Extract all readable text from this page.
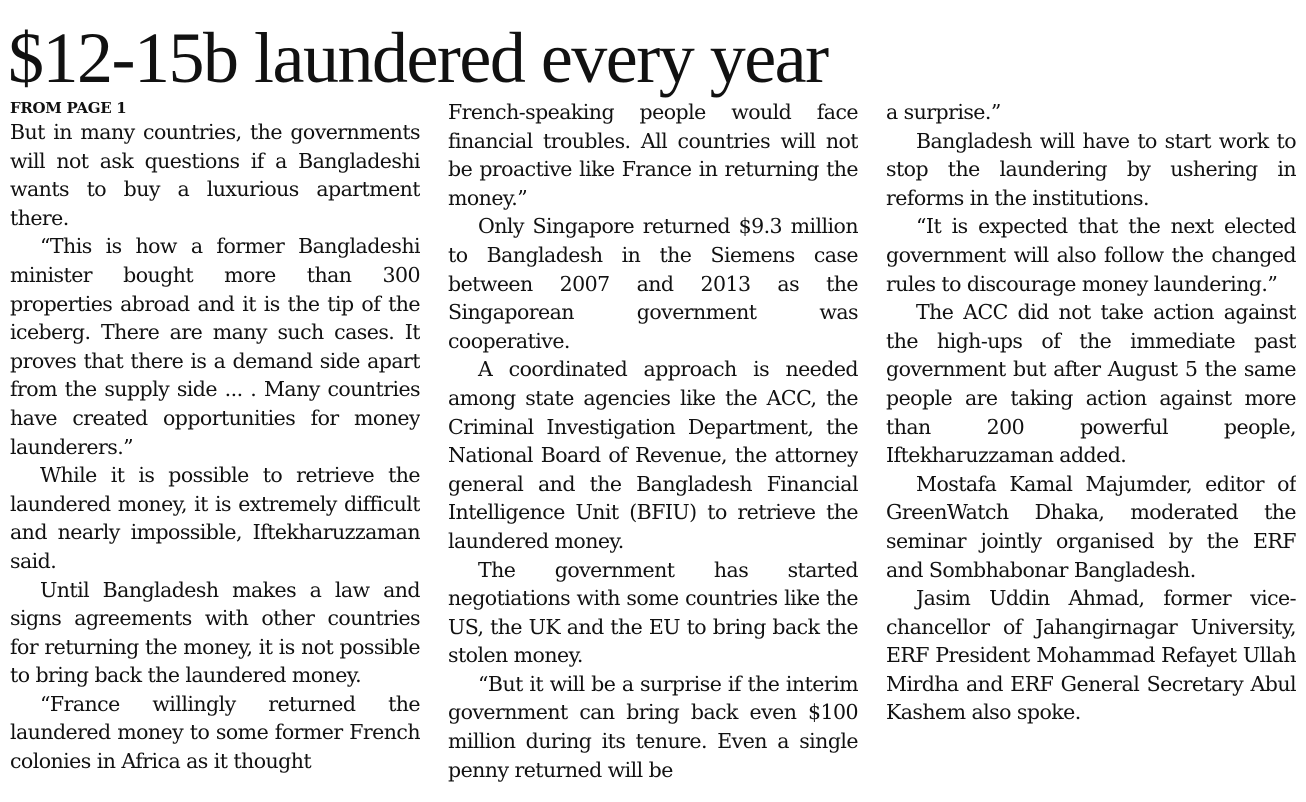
$12-15b laundered every year
FROM PAGE 1

But in many countries, the governments will not ask questions if a Bangladeshi wants to buy a luxurious apartment there.

“This is how a former Bangladeshi minister bought more than 300 properties abroad and it is the tip of the iceberg. There are many such cases. It proves that there is a demand side apart from the supply side ... . Many countries have created opportunities for money launderers.”

While it is possible to retrieve the laundered money, it is extremely difficult and nearly impossible, Iftekharuzzaman said.

Until Bangladesh makes a law and signs agreements with other countries for returning the money, it is not possible to bring back the laundered money.

“France willingly returned the laundered money to some former French colonies in Africa as it thought

French-speaking people would face financial troubles. All countries will not be proactive like France in returning the money.”

Only Singapore returned $9.3 million to Bangladesh in the Siemens case between 2007 and 2013 as the Singaporean government was cooperative.

A coordinated approach is needed among state agencies like the ACC, the Criminal Investigation Department, the National Board of Revenue, the attorney general and the Bangladesh Financial Intelligence Unit (BFIU) to retrieve the laundered money.

The government has started negotiations with some countries like the US, the UK and the EU to bring back the stolen money.

“But it will be a surprise if the interim government can bring back even $100 million during its tenure. Even a single penny returned will be

a surprise.”

Bangladesh will have to start work to stop the laundering by ushering in reforms in the institutions.

“It is expected that the next elected government will also follow the changed rules to discourage money laundering.”

The ACC did not take action against the high-ups of the immediate past government but after August 5 the same people are taking action against more than 200 powerful people, Iftekharuzzaman added.

Mostafa Kamal Majumder, editor of GreenWatch Dhaka, moderated the seminar jointly organised by the ERF and Sombhabonar Bangladesh.

Jasim Uddin Ahmad, former vice-chancellor of Jahangirnagar University, ERF President Mohammad Refayet Ullah Mirdha and ERF General Secretary Abul Kashem also spoke.
